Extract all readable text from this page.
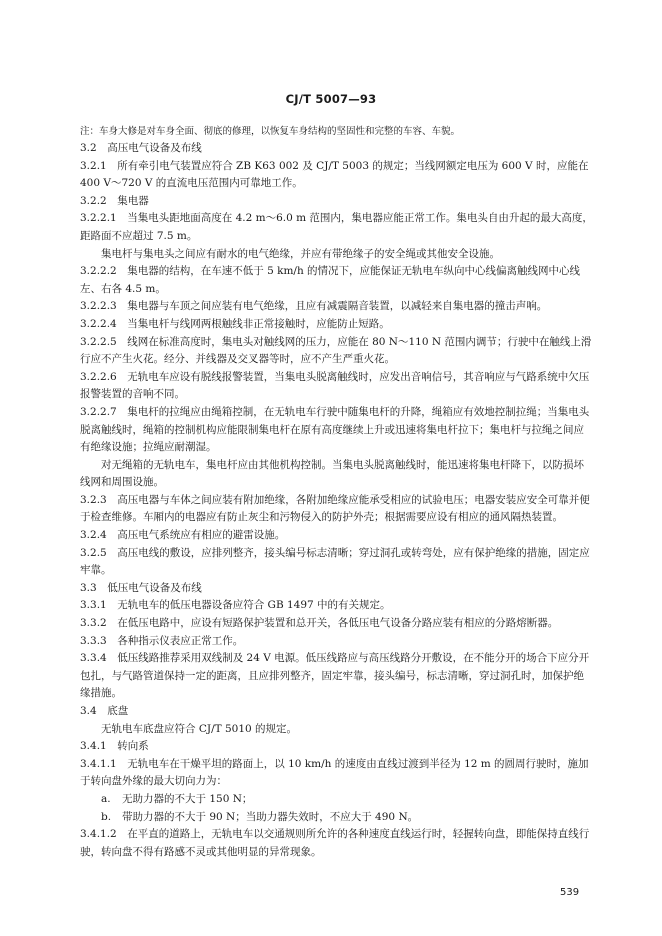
CJ/T 5007—93

注：车身大修是对车身全面、彻底的修理，以恢复车身结构的坚固性和完整的车容、车貌。

3.2　高压电气设备及布线

3.2.1　所有牵引电气装置应符合 ZB K63 002 及 CJ/T 5003 的规定；当线网额定电压为 600 V 时，应能在 400 V～720 V 的直流电压范围内可靠地工作。

3.2.2　集电器

3.2.2.1　当集电头距地面高度在 4.2 m～6.0 m 范围内，集电器应能正常工作。集电头自由升起的最大高度，距路面不应超过 7.5 m。

集电杆与集电头之间应有耐水的电气绝缘，并应有带绝缘子的安全绳或其他安全设施。

3.2.2.2　集电器的结构，在车速不低于 5 km/h 的情况下，应能保证无轨电车纵向中心线偏离触线网中心线左、右各 4.5 m。

3.2.2.3　集电器与车顶之间应装有电气绝缘，且应有减震隔音装置，以减轻来自集电器的撞击声响。

3.2.2.4　当集电杆与线网两根触线非正常接触时，应能防止短路。

3.2.2.5　线网在标准高度时，集电头对触线网的压力，应能在 80 N～110 N 范围内调节；行驶中在触线上滑行应不产生火花。经分、并线器及交叉器等时，应不产生严重火花。

3.2.2.6　无轨电车应设有脱线报警装置，当集电头脱离触线时，应发出音响信号，其音响应与气路系统中欠压报警装置的音响不同。

3.2.2.7　集电杆的拉绳应由绳箱控制，在无轨电车行驶中随集电杆的升降，绳箱应有效地控制拉绳；当集电头脱离触线时，绳箱的控制机构应能限制集电杆在原有高度继续上升或迅速将集电杆拉下；集电杆与拉绳之间应有绝缘设施；拉绳应耐潮湿。

对无绳箱的无轨电车，集电杆应由其他机构控制。当集电头脱离触线时，能迅速将集电杆降下，以防损坏线网和周围设施。

3.2.3　高压电器与车体之间应装有附加绝缘，各附加绝缘应能承受相应的试验电压；电器安装应安全可靠并便于检查维修。车厢内的电器应有防止灰尘和污物侵入的防护外壳；根据需要应设有相应的通风隔热装置。

3.2.4　高压电气系统应有相应的避雷设施。

3.2.5　高压电线的敷设，应排列整齐，接头编号标志清晰；穿过洞孔或转弯处，应有保护绝缘的措施，固定应牢靠。

3.3　低压电气设备及布线

3.3.1　无轨电车的低压电器设备应符合 GB 1497 中的有关规定。

3.3.2　在低压电路中，应设有短路保护装置和总开关，各低压电气设备分路应装有相应的分路熔断器。

3.3.3　各种指示仪表应正常工作。

3.3.4　低压线路推荐采用双线制及 24 V 电源。低压线路应与高压线路分开敷设，在不能分开的场合下应分开包扎，与气路管道保持一定的距离，且应排列整齐，固定牢靠，接头编号，标志清晰，穿过洞孔时，加保护绝缘措施。

3.4　底盘

无轨电车底盘应符合 CJ/T 5010 的规定。

3.4.1　转向系

3.4.1.1　无轨电车在干燥平坦的路面上，以 10 km/h 的速度由直线过渡到半径为 12 m 的圆周行驶时，施加于转向盘外缘的最大切向力为：

a. 无助力器的不大于 150 N；

b. 带助力器的不大于 90 N；当助力器失效时，不应大于 490 N。

3.4.1.2　在平直的道路上，无轨电车以交通规则所允许的各种速度直线运行时，轻握转向盘，即能保持直线行驶，转向盘不得有路感不灵或其他明显的异常现象。

539
